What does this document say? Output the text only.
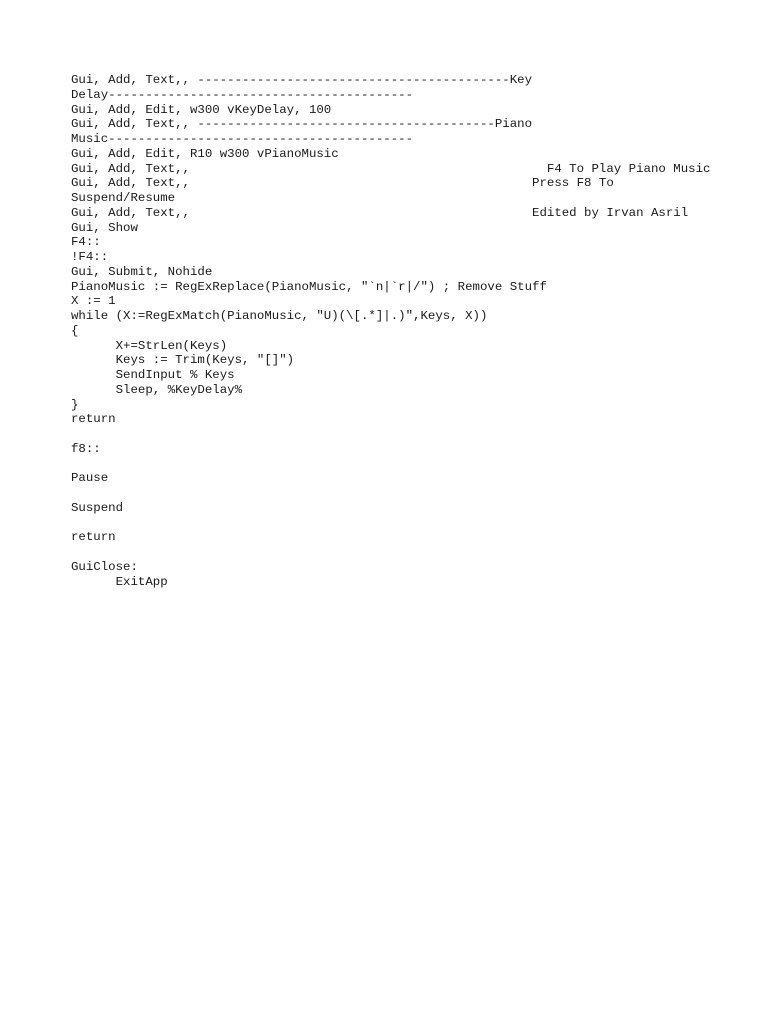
Gui, Add, Text,, ------------------------------------------Key
Delay-----------------------------------------
Gui, Add, Edit, w300 vKeyDelay, 100
Gui, Add, Text,, ----------------------------------------Piano
Music-----------------------------------------
Gui, Add, Edit, R10 w300 vPianoMusic
Gui, Add, Text,,                                                F4 To Play Piano Music
Gui, Add, Text,,                                              Press F8 To
Suspend/Resume
Gui, Add, Text,,                                              Edited by Irvan Asril
Gui, Show
F4::
!F4::
Gui, Submit, Nohide
PianoMusic := RegExReplace(PianoMusic, "`n|`r|/") ; Remove Stuff
X := 1
while (X:=RegExMatch(PianoMusic, "U)(\[.*]|.)",Keys, X))
{
X+=StrLen(Keys)
Keys := Trim(Keys, "[]")
SendInput % Keys
Sleep, %KeyDelay%
}
return
f8::
Pause
Suspend
return
GuiClose:
ExitApp
